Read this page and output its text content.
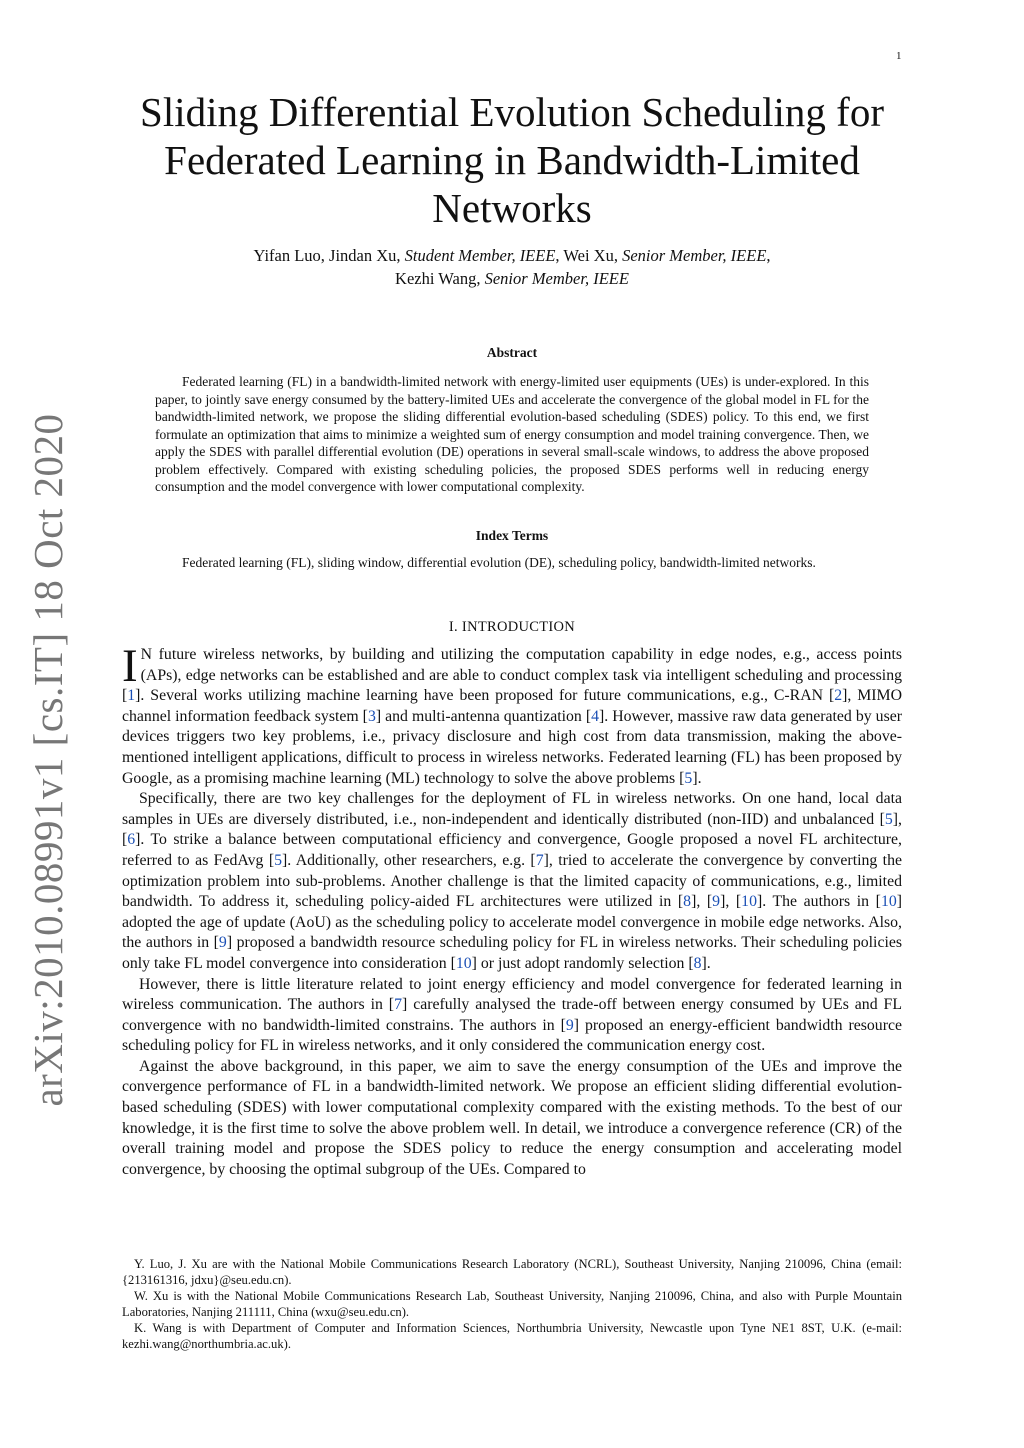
1
arXiv:2010.08991v1 [cs.IT] 18 Oct 2020
Sliding Differential Evolution Scheduling for Federated Learning in Bandwidth-Limited Networks
Yifan Luo, Jindan Xu, Student Member, IEEE, Wei Xu, Senior Member, IEEE,
Kezhi Wang, Senior Member, IEEE
Abstract

Federated learning (FL) in a bandwidth-limited network with energy-limited user equipments (UEs) is under-explored. In this paper, to jointly save energy consumed by the battery-limited UEs and accelerate the convergence of the global model in FL for the bandwidth-limited network, we propose the sliding differential evolution-based scheduling (SDES) policy. To this end, we first formulate an optimization that aims to minimize a weighted sum of energy consumption and model training convergence. Then, we apply the SDES with parallel differential evolution (DE) operations in several small-scale windows, to address the above proposed problem effectively. Compared with existing scheduling policies, the proposed SDES performs well in reducing energy consumption and the model convergence with lower computational complexity.

Index Terms

Federated learning (FL), sliding window, differential evolution (DE), scheduling policy, bandwidth-limited networks.

I. INTRODUCTION

I N future wireless networks, by building and utilizing the computation capability in edge nodes, e.g., access points (APs), edge networks can be established and are able to conduct complex task via intelligent scheduling and processing [1]. Several works utilizing machine learning have been proposed for future communications, e.g., C-RAN [2], MIMO channel information feedback system [3] and multi-antenna quantization [4]. However, massive raw data generated by user devices triggers two key problems, i.e., privacy disclosure and high cost from data transmission, making the above-mentioned intelligent applications, difficult to process in wireless networks. Federated learning (FL) has been proposed by Google, as a promising machine learning (ML) technology to solve the above problems [5].

Specifically, there are two key challenges for the deployment of FL in wireless networks. On one hand, local data samples in UEs are diversely distributed, i.e., non-independent and identically distributed (non-IID) and unbalanced [5], [6]. To strike a balance between computational efficiency and convergence, Google proposed a novel FL architecture, referred to as FedAvg [5]. Additionally, other researchers, e.g. [7], tried to accelerate the convergence by converting the optimization problem into sub-problems. Another challenge is that the limited capacity of communications, e.g., limited bandwidth. To address it, scheduling policy-aided FL architectures were utilized in [8], [9], [10]. The authors in [10] adopted the age of update (AoU) as the scheduling policy to accelerate model convergence in mobile edge networks. Also, the authors in [9] proposed a bandwidth resource scheduling policy for FL in wireless networks. Their scheduling policies only take FL model convergence into consideration [10] or just adopt randomly selection [8].

However, there is little literature related to joint energy efficiency and model convergence for federated learning in wireless communication. The authors in [7] carefully analysed the trade-off between energy consumed by UEs and FL convergence with no bandwidth-limited constrains. The authors in [9] proposed an energy-efficient bandwidth resource scheduling policy for FL in wireless networks, and it only considered the communication energy cost.

Against the above background, in this paper, we aim to save the energy consumption of the UEs and improve the convergence performance of FL in a bandwidth-limited network. We propose an efficient sliding differential evolution-based scheduling (SDES) with lower computational complexity compared with the existing methods. To the best of our knowledge, it is the first time to solve the above problem well. In detail, we introduce a convergence reference (CR) of the overall training model and propose the SDES policy to reduce the energy consumption and accelerating model convergence, by choosing the optimal subgroup of the UEs. Compared to

Y. Luo, J. Xu are with the National Mobile Communications Research Laboratory (NCRL), Southeast University, Nanjing 210096, China (email: {213161316, jdxu}@seu.edu.cn).

W. Xu is with the National Mobile Communications Research Lab, Southeast University, Nanjing 210096, China, and also with Purple Mountain Laboratories, Nanjing 211111, China (wxu@seu.edu.cn).

K. Wang is with Department of Computer and Information Sciences, Northumbria University, Newcastle upon Tyne NE1 8ST, U.K. (e-mail: kezhi.wang@northumbria.ac.uk).
